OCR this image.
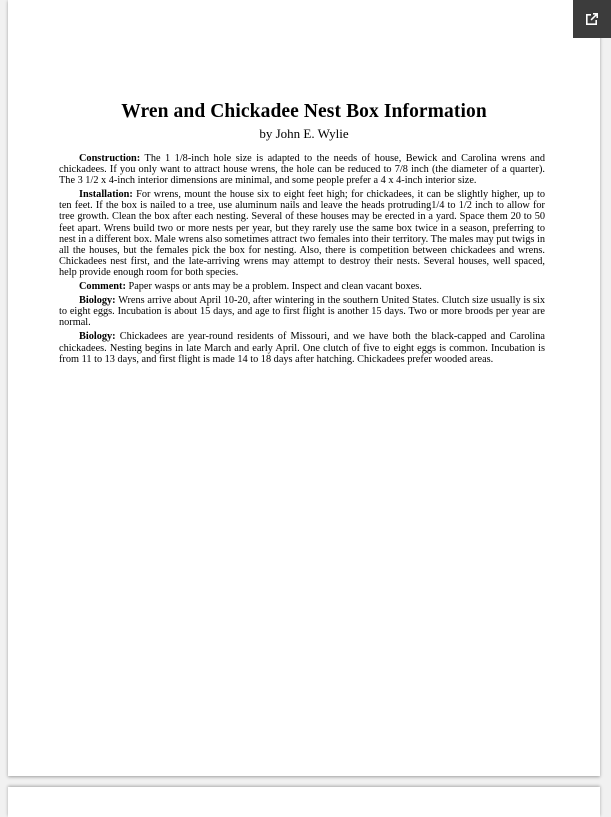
Wren and Chickadee Nest Box Information
by John E. Wylie

Construction: The 1 1/8-inch hole size is adapted to the needs of house, Bewick and Carolina wrens and chickadees. If you only want to attract house wrens, the hole can be reduced to 7/8 inch (the diameter of a quarter). The 3 1/2 x 4-inch interior dimensions are minimal, and some people prefer a 4 x 4-inch interior size.

Installation: For wrens, mount the house six to eight feet high; for chickadees, it can be slightly higher, up to ten feet. If the box is nailed to a tree, use aluminum nails and leave the heads protruding1/4 to 1/2 inch to allow for tree growth. Clean the box after each nesting. Several of these houses may be erected in a yard. Space them 20 to 50 feet apart. Wrens build two or more nests per year, but they rarely use the same box twice in a season, preferring to nest in a different box. Male wrens also sometimes attract two females into their territory. The males may put twigs in all the houses, but the females pick the box for nesting. Also, there is competition between chickadees and wrens. Chickadees nest first, and the late-arriving wrens may attempt to destroy their nests. Several houses, well spaced, help provide enough room for both species.

Comment: Paper wasps or ants may be a problem. Inspect and clean vacant boxes.

Biology: Wrens arrive about April 10-20, after wintering in the southern United States. Clutch size usually is six to eight eggs. Incubation is about 15 days, and age to first flight is another 15 days. Two or more broods per year are normal.

Biology: Chickadees are year-round residents of Missouri, and we have both the black-capped and Carolina chickadees. Nesting begins in late March and early April. One clutch of five to eight eggs is common. Incubation is from 11 to 13 days, and first flight is made 14 to 18 days after hatching. Chickadees prefer wooded areas.
